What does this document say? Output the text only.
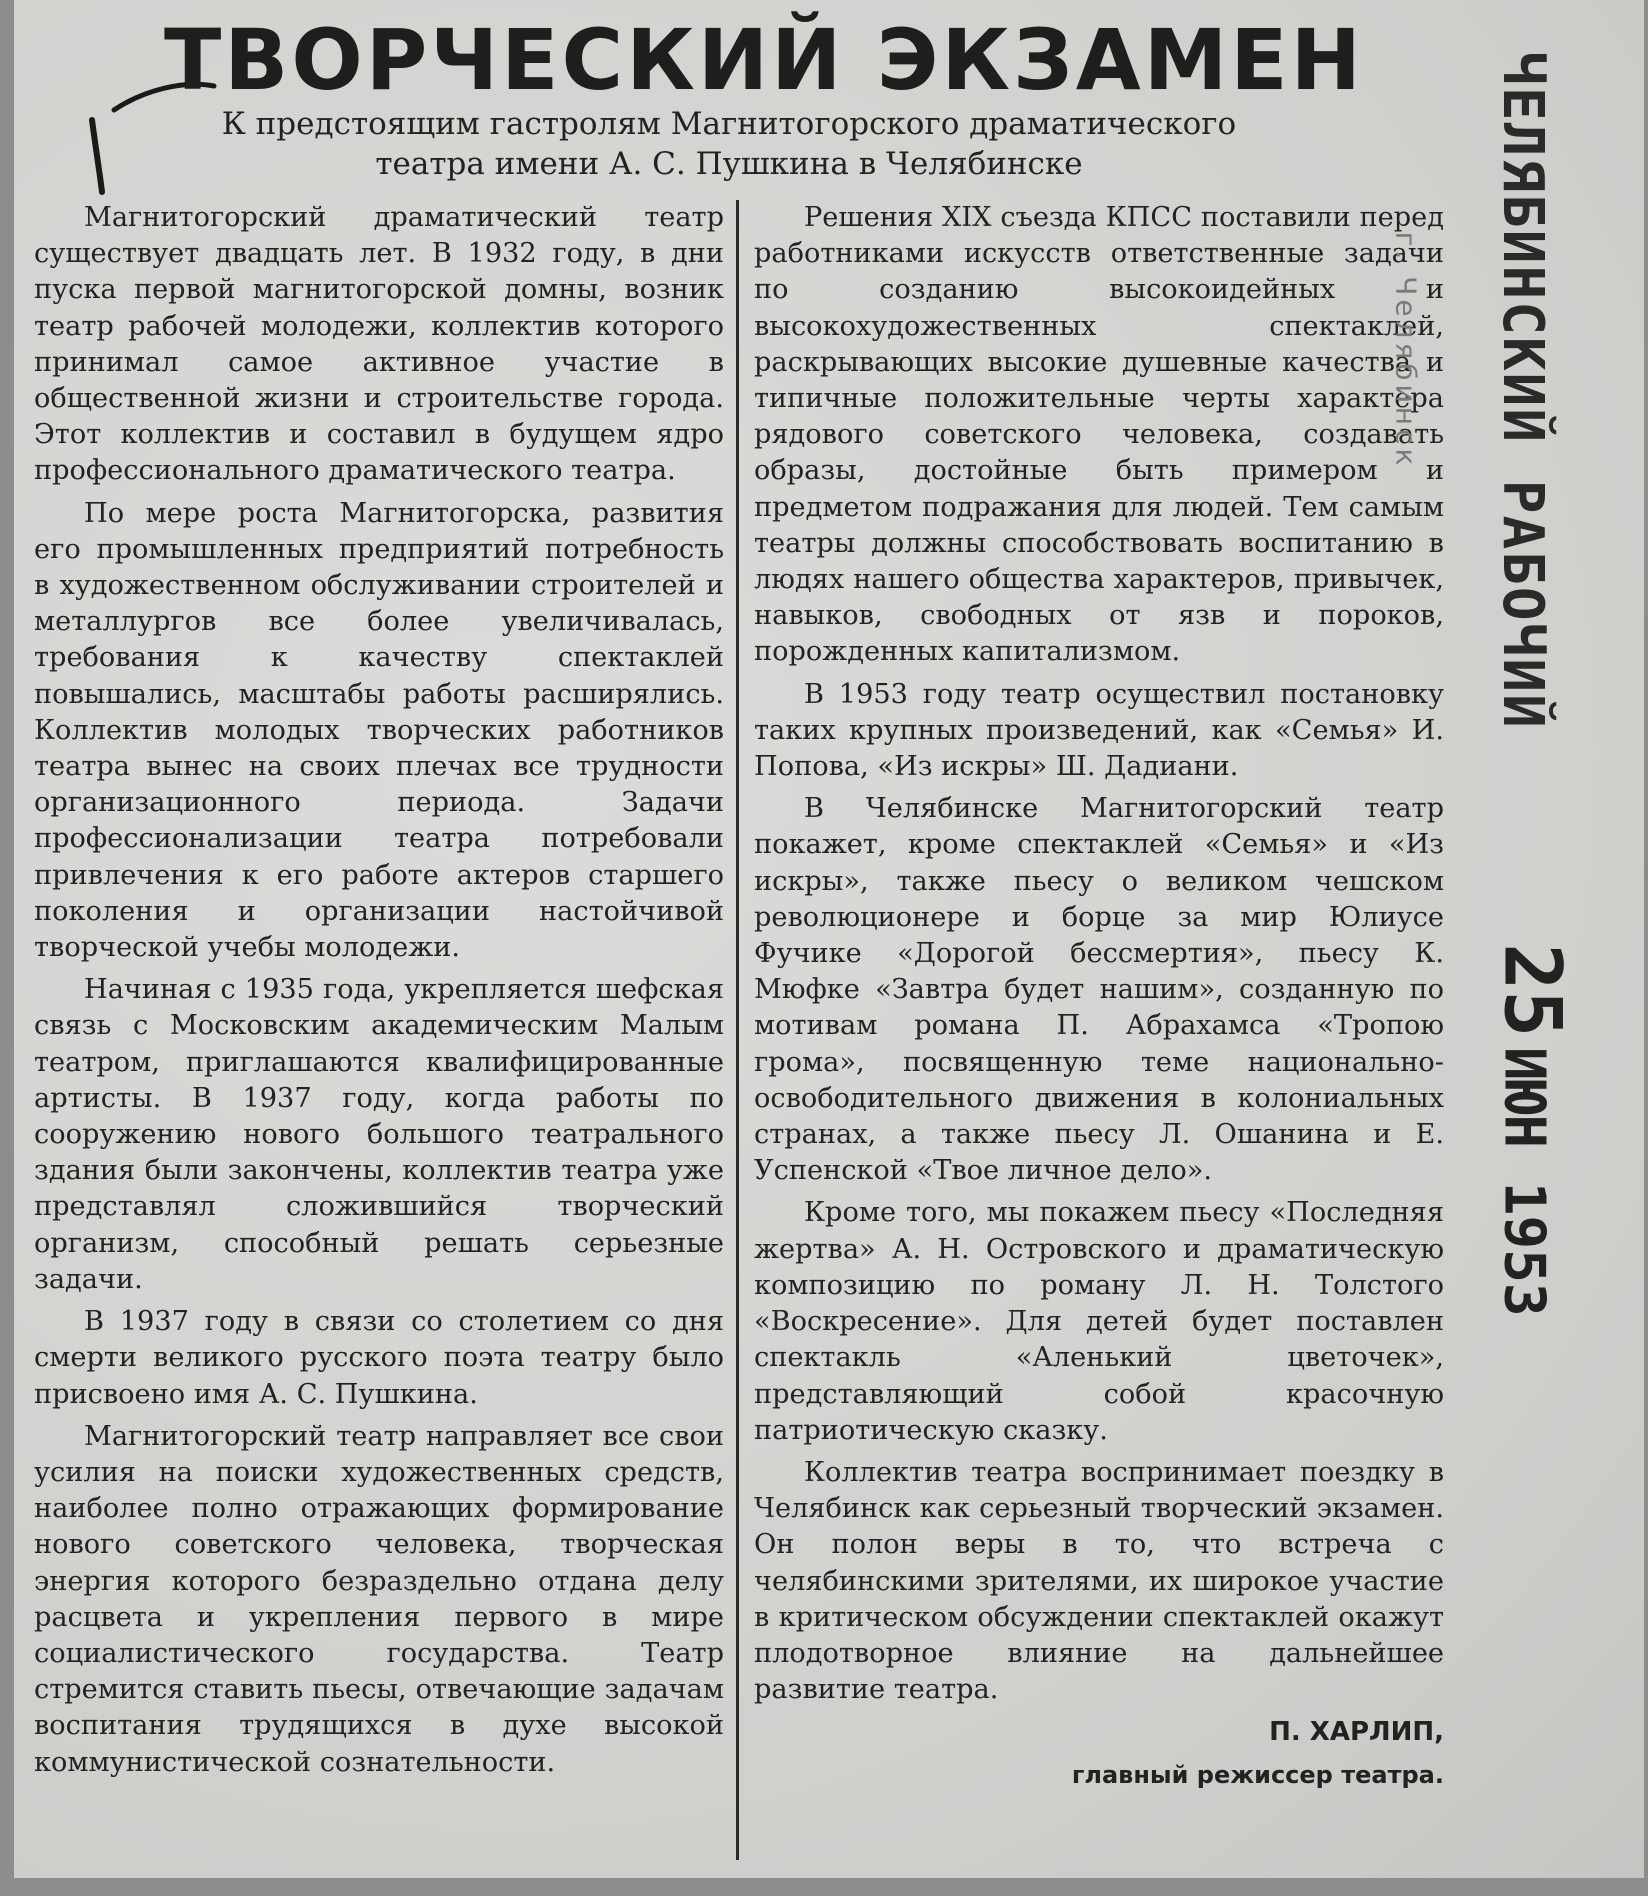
ТВОРЧЕСКИЙ ЭКЗАМЕН
К предстоящим гастролям Магнитогорского драматического
театра имени А. С. Пушкина в Челябинске

Магнитогорский драматический театр существует двадцать лет. В 1932 году, в дни пуска первой магнитогорской домны, возник театр рабочей молодежи, коллектив которого принимал самое активное участие в общественной жизни и строительстве города. Этот коллектив и составил в будущем ядро профессионального драматического театра.

По мере роста Магнитогорска, развития его промышленных предприятий потребность в художественном обслуживании строителей и металлургов все более увеличивалась, требования к качеству спектаклей повышались, масштабы работы расширялись. Коллектив молодых творческих работников театра вынес на своих плечах все трудности организационного периода. Задачи профессионализации театра потребовали привлечения к его работе актеров старшего поколения и организации настойчивой творческой учебы молодежи.

Начиная с 1935 года, укрепляется шефская связь с Московским академическим Малым театром, приглашаются квалифицированные артисты. В 1937 году, когда работы по сооружению нового большого театрального здания были закончены, коллектив театра уже представлял сложившийся творческий организм, способный решать серьезные задачи.

В 1937 году в связи со столетием со дня смерти великого русского поэта театру было присвоено имя А. С. Пушкина.

Магнитогорский театр направляет все свои усилия на поиски художественных средств, наиболее полно отражающих формирование нового советского человека, творческая энергия которого безраздельно отдана делу расцвета и укрепления первого в мире социалистического государства. Театр стремится ставить пьесы, отвечающие задачам воспитания трудящихся в духе высокой коммунистической сознательности.

Решения XIX съезда КПСС поставили перед работниками искусств ответственные задачи по созданию высокоидейных и высокохудожественных спектаклей, раскрывающих высокие душевные качества и типичные положительные черты характера рядового советского человека, создавать образы, достойные быть примером и предметом подражания для людей. Тем самым театры должны способствовать воспитанию в людях нашего общества характеров, привычек, навыков, свободных от язв и пороков, порожденных капитализмом.

В 1953 году театр осуществил постановку таких крупных произведений, как «Семья» И. Попова, «Из искры» Ш. Дадиани.

В Челябинске Магнитогорский театр покажет, кроме спектаклей «Семья» и «Из искры», также пьесу о великом чешском революционере и борце за мир Юлиусе Фучике «Дорогой бессмертия», пьесу К. Мюфке «Завтра будет нашим», созданную по мотивам романа П. Абрахамса «Тропою грома», посвященную теме национально-освободительного движения в колониальных странах, а также пьесу Л. Ошанина и Е. Успенской «Твое личное дело».

Кроме того, мы покажем пьесу «Последняя жертва» А. Н. Островского и драматическую композицию по роману Л. Н. Толстого «Воскресение». Для детей будет поставлен спектакль «Аленький цветочек», представляющий собой красочную патриотическую сказку.

Коллектив театра воспринимает поездку в Челябинск как серьезный творческий экзамен. Он полон веры в то, что встреча с челябинскими зрителями, их широкое участие в критическом обсуждении спектаклей окажут плодотворное влияние на дальнейшее развитие театра.

П. ХАРЛИП,

главный режиссер театра.

ЧЕЛЯБИНСКИЙ РАБОЧИЙ
г. Челябинск
25 ИЮН 1953
